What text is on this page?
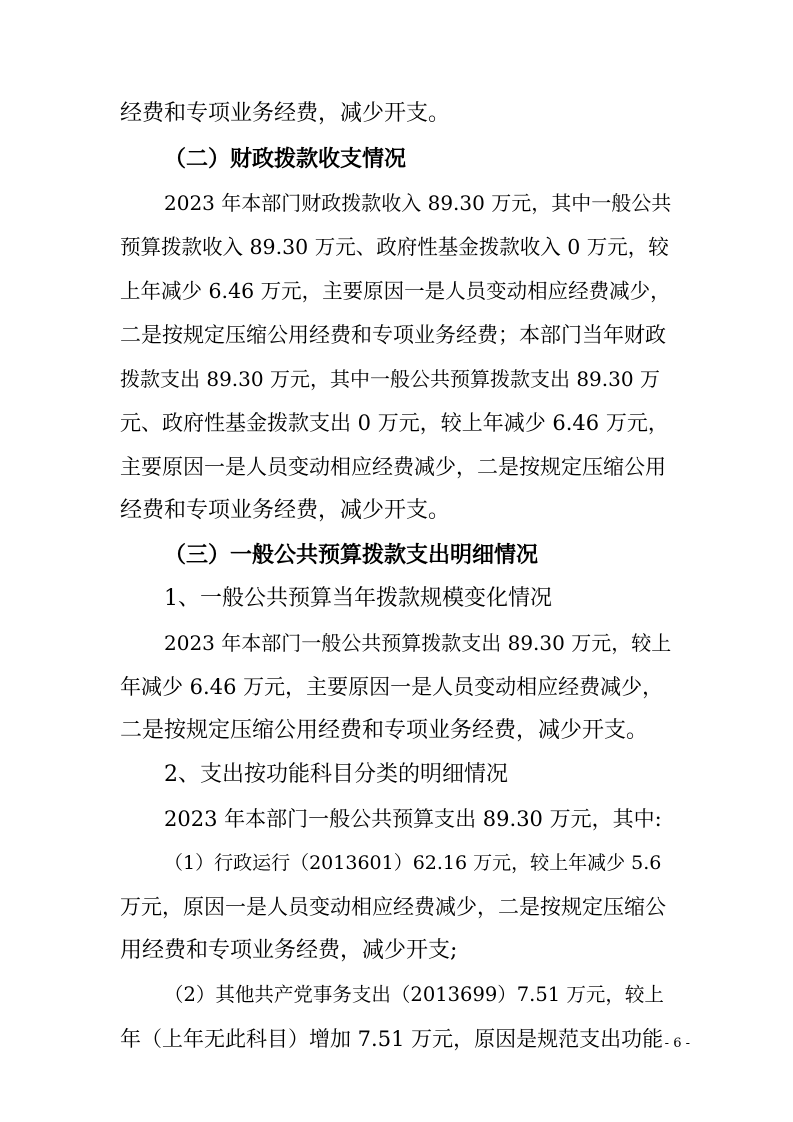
经费和专项业务经费，减少开支。
（二）财政拨款收支情况
2023 年本部门财政拨款收入 89.30 万元，其中一般公共
预算拨款收入 89.30 万元、政府性基金拨款收入 0 万元，较
上年减少 6.46 万元，主要原因一是人员变动相应经费减少，
二是按规定压缩公用经费和专项业务经费；本部门当年财政
拨款支出 89.30 万元，其中一般公共预算拨款支出 89.30 万
元、政府性基金拨款支出 0 万元，较上年减少 6.46 万元，
主要原因一是人员变动相应经费减少，二是按规定压缩公用
经费和专项业务经费，减少开支。
（三）一般公共预算拨款支出明细情况
1、一般公共预算当年拨款规模变化情况
2023 年本部门一般公共预算拨款支出 89.30 万元，较上
年减少 6.46 万元，主要原因一是人员变动相应经费减少，
二是按规定压缩公用经费和专项业务经费，减少开支。
2、支出按功能科目分类的明细情况
2023 年本部门一般公共预算支出 89.30 万元，其中:
（1）行政运行（2013601）62.16 万元，较上年减少 5.6
万元，原因一是人员变动相应经费减少，二是按规定压缩公
用经费和专项业务经费，减少开支;
（2）其他共产党事务支出（2013699）7.51 万元，较上
年（上年无此科目）增加 7.51 万元，原因是规范支出功能 - 6 -
